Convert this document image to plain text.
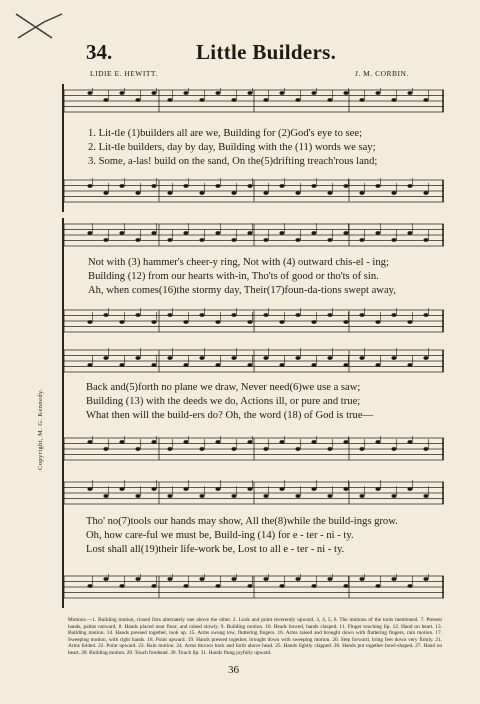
34.	Little Builders.
LIDIE E. HEWITT.	J. M. CORBIN.
Copyright, M. G. Kennedy.
1. Lit-tle (1)builders all are we, Building for (2)God's eye to see;
2. Lit-tle builders, day by day, Building with the (11) words we say;
3. Some, a-las! build on the sand, On the(5)drifting treach'rous land;
Not with (3) hammer's cheer-y ring, Not with (4) outward chis-el - ing;
Building (12) from our hearts with-in, Tho'ts of good or tho'ts of sin.
Ah, when comes(16)the stormy day, Their(17)foun-da-tions swept away,
Back and(5)forth no plane we draw, Never need(6)we use a saw;
Building (13) with the deeds we do, Actions ill, or pure and true;
What then will the build-ers do? Oh, the word (18) of God is true—
Tho' no(7)tools our hands may show, All the(8)while the build-ings grow.
Oh, how care-ful we must be, Build-ing (14) for e - ter - ni - ty.
Lost shall all(19)their life-work be, Lost to all e - ter - ni - ty.
Motions.—1. Building motion, closed fists alternately one above the other. 2. Look and point reverently upward. 3, 4, 5, 6. The motions of the tools mentioned. 7. Present hands, palms outward. 8. Hands placed near floor, and raised slowly. 9. Building motion. 10. Heads bowed, hands clasped. 11. Finger touching lip. 12. Hand on heart. 13. Building motion. 14. Hands pressed together, look up. 15. Arms swung low, fluttering fingers. 16. Arms raised and brought down with fluttering fingers, rain motion. 17. Sweeping motion, with right hands. 18. Point upward. 19. Hands pressed together, brought down with sweeping motion. 20. Step forward, bring feet down very firmly. 21. Arms folded. 22. Point upward. 23. Rain motion. 24. Arms thrown back and forth above head. 25. Hands lightly clapped. 26. Hands put together bowl-shaped. 27. Hand on heart. 28. Building motion. 29. Touch forehead. 30. Touch lip. 31. Hands flung joyfully upward.
36
